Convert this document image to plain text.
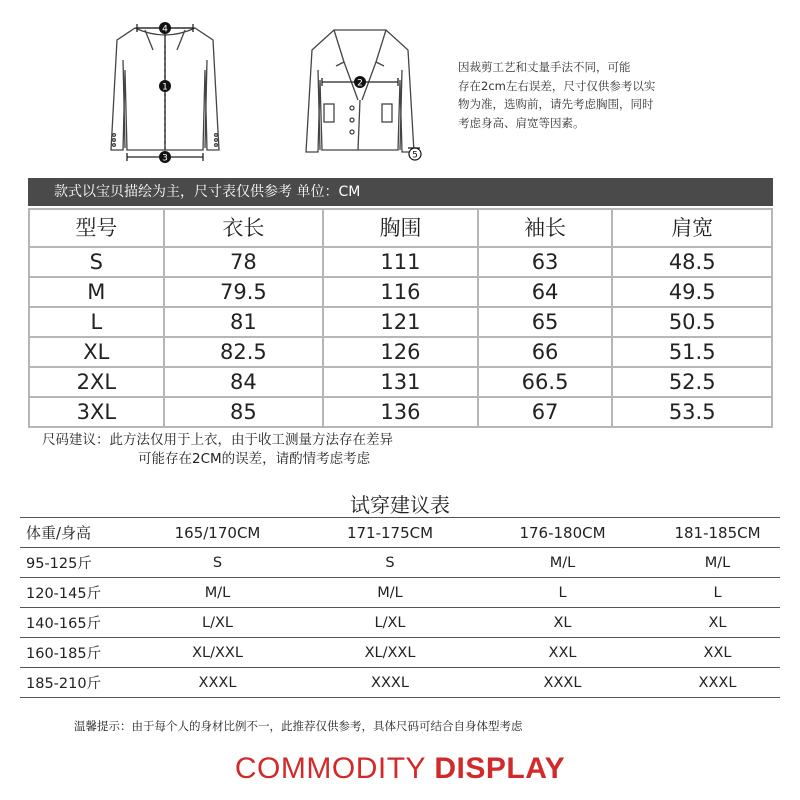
4
1
3
2
5
因裁剪工艺和丈量手法不同，可能
存在2cm左右误差，尺寸仅供参考以实
物为准，选购前，请先考虑胸围，同时
考虑身高、肩宽等因素。
款式以宝贝描绘为主，尺寸表仅供参考 单位：CM
型号	衣长	胸围	袖长	肩宽
S	78	111	63	48.5
M	79.5	116	64	49.5
L	81	121	65	50.5
XL	82.5	126	66	51.5
2XL	84	131	66.5	52.5
3XL	85	136	67	53.5
尺码建议：此方法仅用于上衣，由于收工测量方法存在差异
可能存在2CM的误差，请酌情考虑考虑
试穿建议表
体重/身高	165/170CM	171-175CM	176-180CM	181-185CM
95-125斤	S	S	M/L	M/L
120-145斤	M/L	M/L	L	L
140-165斤	L/XL	L/XL	XL	XL
160-185斤	XL/XXL	XL/XXL	XXL	XXL
185-210斤	XXXL	XXXL	XXXL	XXXL
温馨提示：由于每个人的身材比例不一，此推荐仅供参考，具体尺码可结合自身体型考虑
COMMODITY DISPLAY
